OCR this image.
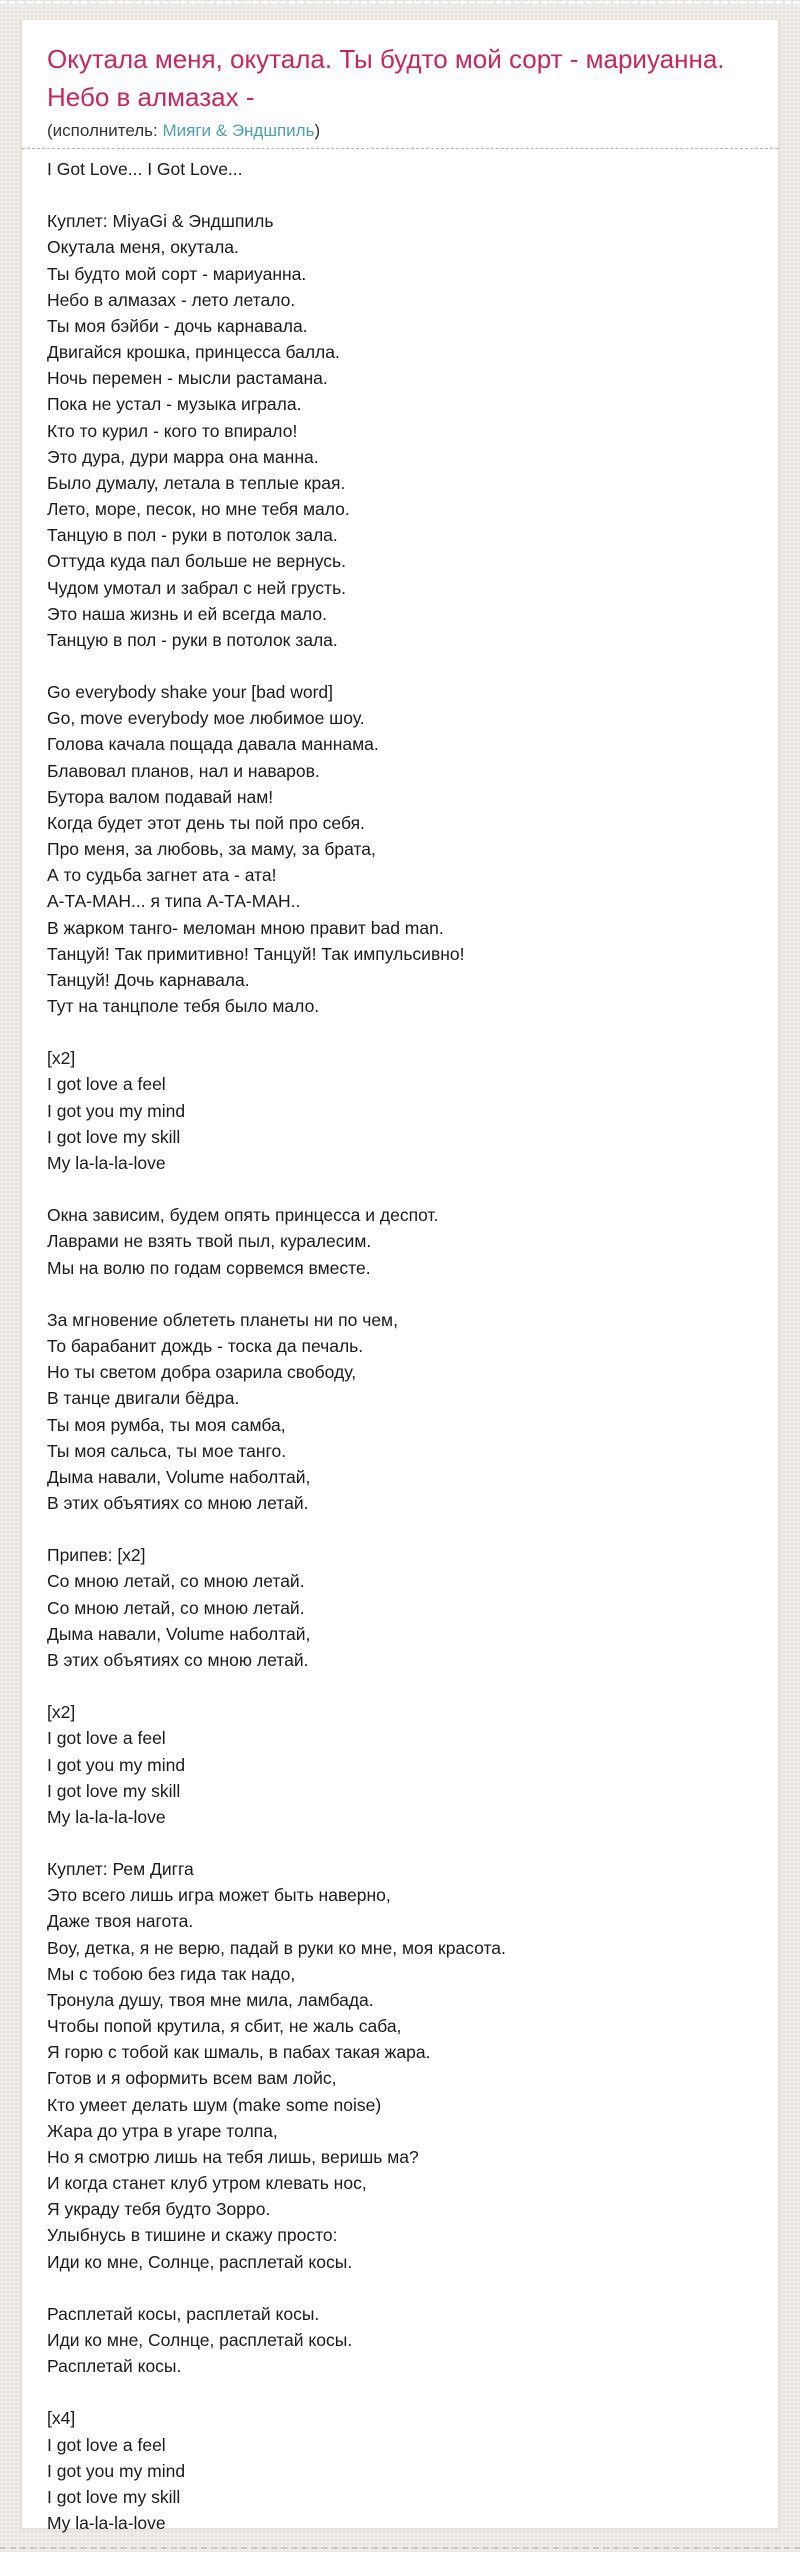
Окутала меня, окутала. Ты будто мой сорт - мариуанна. Небо в алмазах -
(исполнитель: Мияги & Эндшпиль)
I Got Love... I Got Love...

Куплет: MiyaGi & Эндшпиль
Окутала меня, окутала.
Ты будто мой сорт - мариуанна.
Небо в алмазах - лето летало.
Ты моя бэйби - дочь карнавала.
Двигайся крошка, принцесса балла.
Ночь перемен - мысли растамана.
Пока не устал - музыка играла.
Кто то курил - кого то впирало!
Это дура, дури марра она манна.
Было думалу, летала в теплые края.
Лето, море, песок, но мне тебя мало.
Танцую в пол - руки в потолок зала.
Оттуда куда пал больше не вернусь.
Чудом умотал и забрал с ней грусть.
Это наша жизнь и ей всегда мало.
Танцую в пол - руки в потолок зала.

Go everybody shake your [bad word]
Go, move everybody мое любимое шоу.
Голова качала пощада давала маннама.
Блавовал планов, нал и наваров.
Бутора валом подавай нам!
Когда будет этот день ты пой про себя.
Про меня, за любовь, за маму, за брата,
А то судьба загнет ата - ата!
А-ТА-МАН... я типа А-ТА-МАН..
В жарком танго- меломан мною правит bad man.
Танцуй! Так примитивно! Танцуй! Так импульсивно!
Танцуй! Дочь карнавала.
Тут на танцполе тебя было мало.

[x2]
I got love a feel
I got you my mind
I got love my skill
My la-la-la-love

Окна зависим, будем опять принцесса и деспот.
Лаврами не взять твой пыл, куралесим.
Мы на волю по годам сорвемся вместе.

За мгновение облететь планеты ни по чем,
То барабанит дождь - тоска да печаль.
Но ты светом добра озарила свободу,
В танце двигали бёдра.
Ты моя румба, ты моя самба,
Ты моя сальса, ты мое танго.
Дыма навали, Volume наболтай,
В этих объятиях со мною летай.

Припев: [x2]
Со мною летай, со мною летай.
Со мною летай, со мною летай.
Дыма навали, Volume наболтай,
В этих объятиях со мною летай.

[x2]
I got love a feel
I got you my mind
I got love my skill
My la-la-la-love

Куплет: Рем Дигга
Это всего лишь игра может быть наверно,
Даже твоя нагота.
Воу, детка, я не верю, падай в руки ко мне, моя красота.
Мы с тобою без гида так надо,
Тронула душу, твоя мне мила, ламбада.
Чтобы попой крутила, я сбит, не жаль саба,
Я горю с тобой как шмаль, в пабах такая жара.
Готов и я оформить всем вам лойс,
Кто умеет делать шум (make some noise)
Жара до утра в угаре толпа,
Но я смотрю лишь на тебя лишь, веришь ма?
И когда станет клуб утром клевать нос,
Я украду тебя будто Зорро.
Улыбнусь в тишине и скажу просто:
Иди ко мне, Солнце, расплетай косы.

Расплетай косы, расплетай косы.
Иди ко мне, Солнце, расплетай косы.
Расплетай косы.

[x4]
I got love a feel
I got you my mind
I got love my skill
My la-la-la-love
